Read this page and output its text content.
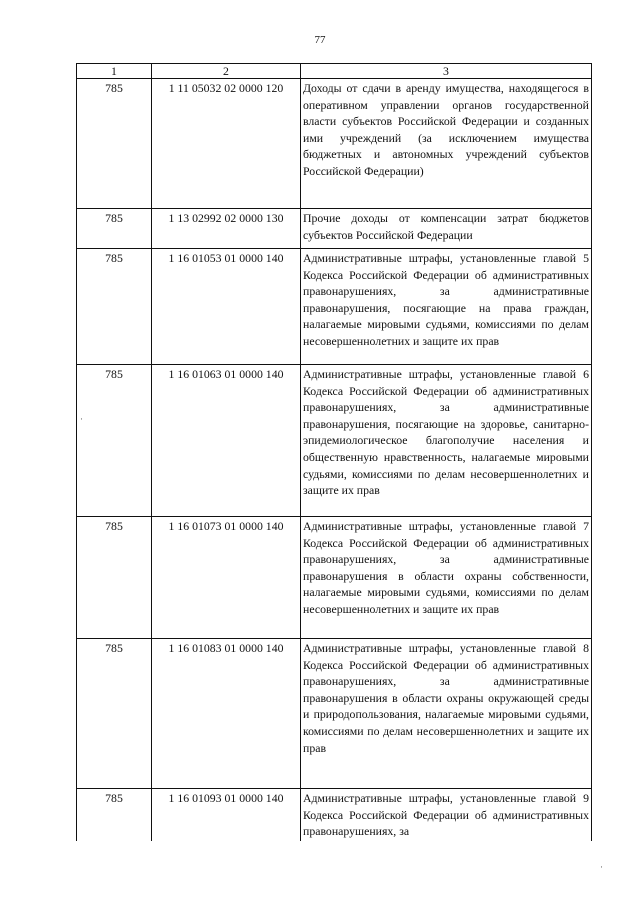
77
1	2	3
785	1 11 05032 02 0000 120	Доходы от сдачи в аренду имущества, находящегося в оперативном управлении органов государственной власти субъектов Российской Федерации и созданных ими учреждений (за исключением имущества бюджетных и автономных учреждений субъектов Российской Федерации)
785	1 13 02992 02 0000 130	Прочие доходы от компенсации затрат бюджетов субъектов Российской Федерации
785	1 16 01053 01 0000 140	Административные штрафы, установленные главой 5 Кодекса Российской Федерации об административных правонарушениях, за административные правонарушения, посягающие на права граждан, налагаемые мировыми судьями, комиссиями по делам несовершеннолетних и защите их прав
785	1 16 01063 01 0000 140	Административные штрафы, установленные главой 6 Кодекса Российской Федерации об административных правонарушениях, за административные правонарушения, посягающие на здоровье, санитарно-эпидемиологическое благополучие населения и общественную нравственность, налагаемые мировыми судьями, комиссиями по делам несовершеннолетних и защите их прав
785	1 16 01073 01 0000 140	Административные штрафы, установленные главой 7 Кодекса Российской Федерации об административных правонарушениях, за административные правонарушения в области охраны собственности, налагаемые мировыми судьями, комиссиями по делам несовершеннолетних и защите их прав
785	1 16 01083 01 0000 140	Административные штрафы, установленные главой 8 Кодекса Российской Федерации об административных правонарушениях, за административные правонарушения в области охраны окружающей среды и природопользования, налагаемые мировыми судьями, комиссиями по делам несовершеннолетних и защите их прав
785	1 16 01093 01 0000 140	Административные штрафы, установленные главой 9 Кодекса Российской Федерации об административных правонарушениях, за
·
·
